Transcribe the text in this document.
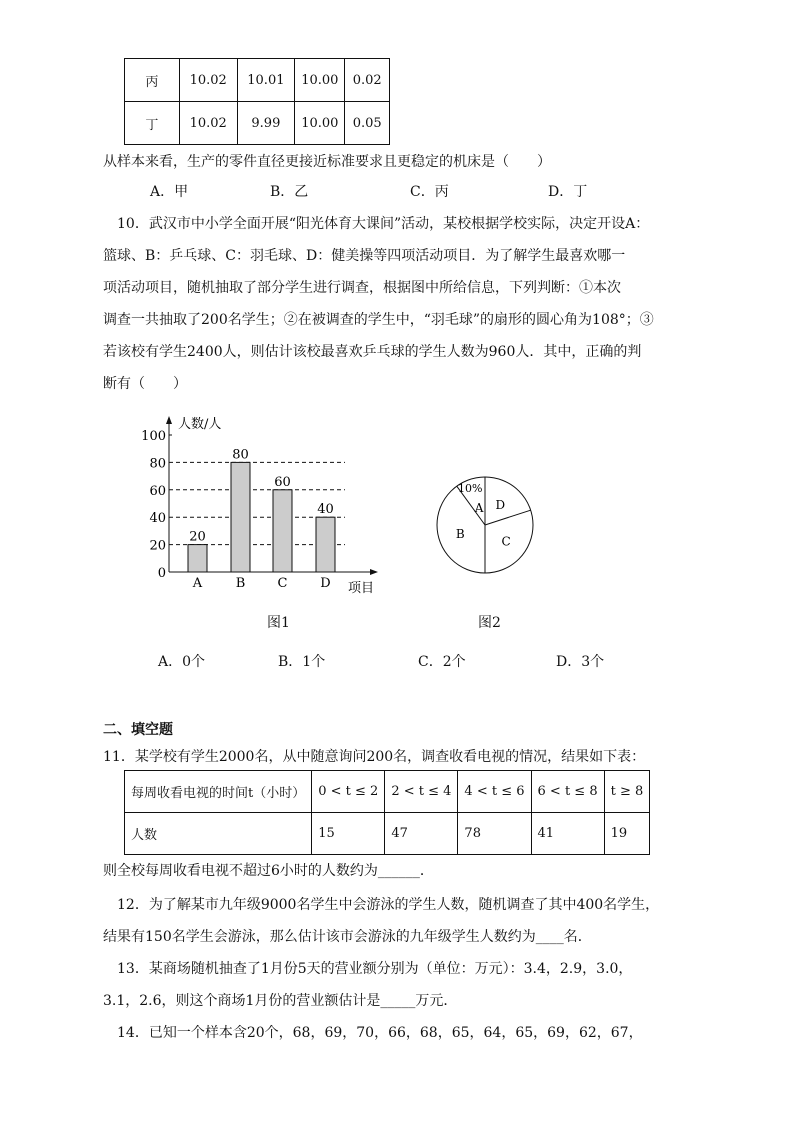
丙	10.02	10.01	10.00	0.02
丁	10.02	9.99	10.00	0.05
从样本来看，生产的零件直径更接近标准要求且更稳定的机床是（　　）
人数/人
项目
0
20
40
60
80
100
20
A
80
B
60
C
40
D
D
C
B
A
10%
图1	图2
二、填空题
11．某学校有学生2000名，从中随意询问200名，调查收看电视的情况，结果如下表：
每周收看电视的时间t（小时）	0 < t ≤ 2	2 < t ≤ 4	4 < t ≤ 6	6 < t ≤ 8	t ≥ 8
人数	15	47	78	41	19
则全校每周收看电视不超过6小时的人数约为______．
A．甲	B．乙	C．丙	D．丁
10．武汉市中小学全面开展“阳光体育大课间”活动，某校根据学校实际，决定开设A：
篮球、B：乒乓球、C：羽毛球、D：健美操等四项活动项目．为了解学生最喜欢哪一
项活动项目，随机抽取了部分学生进行调查，根据图中所给信息，下列判断：①本次
调查一共抽取了200名学生；②在被调查的学生中，“羽毛球”的扇形的圆心角为108°；③
若该校有学生2400人，则估计该校最喜欢乒乓球的学生人数为960人．其中，正确的判
断有（　　）
A．0个	B．1个	C．2个	D．3个
12．为了解某市九年级9000名学生中会游泳的学生人数，随机调查了其中400名学生，
结果有150名学生会游泳，那么估计该市会游泳的九年级学生人数约为____名．
13．某商场随机抽查了1月份5天的营业额分别为（单位：万元）：3.4，2.9，3.0，
3.1，2.6，则这个商场1月份的营业额估计是_____万元．
14．已知一个样本含20个，68，69，70，66，68，65，64，65，69，62，67，
